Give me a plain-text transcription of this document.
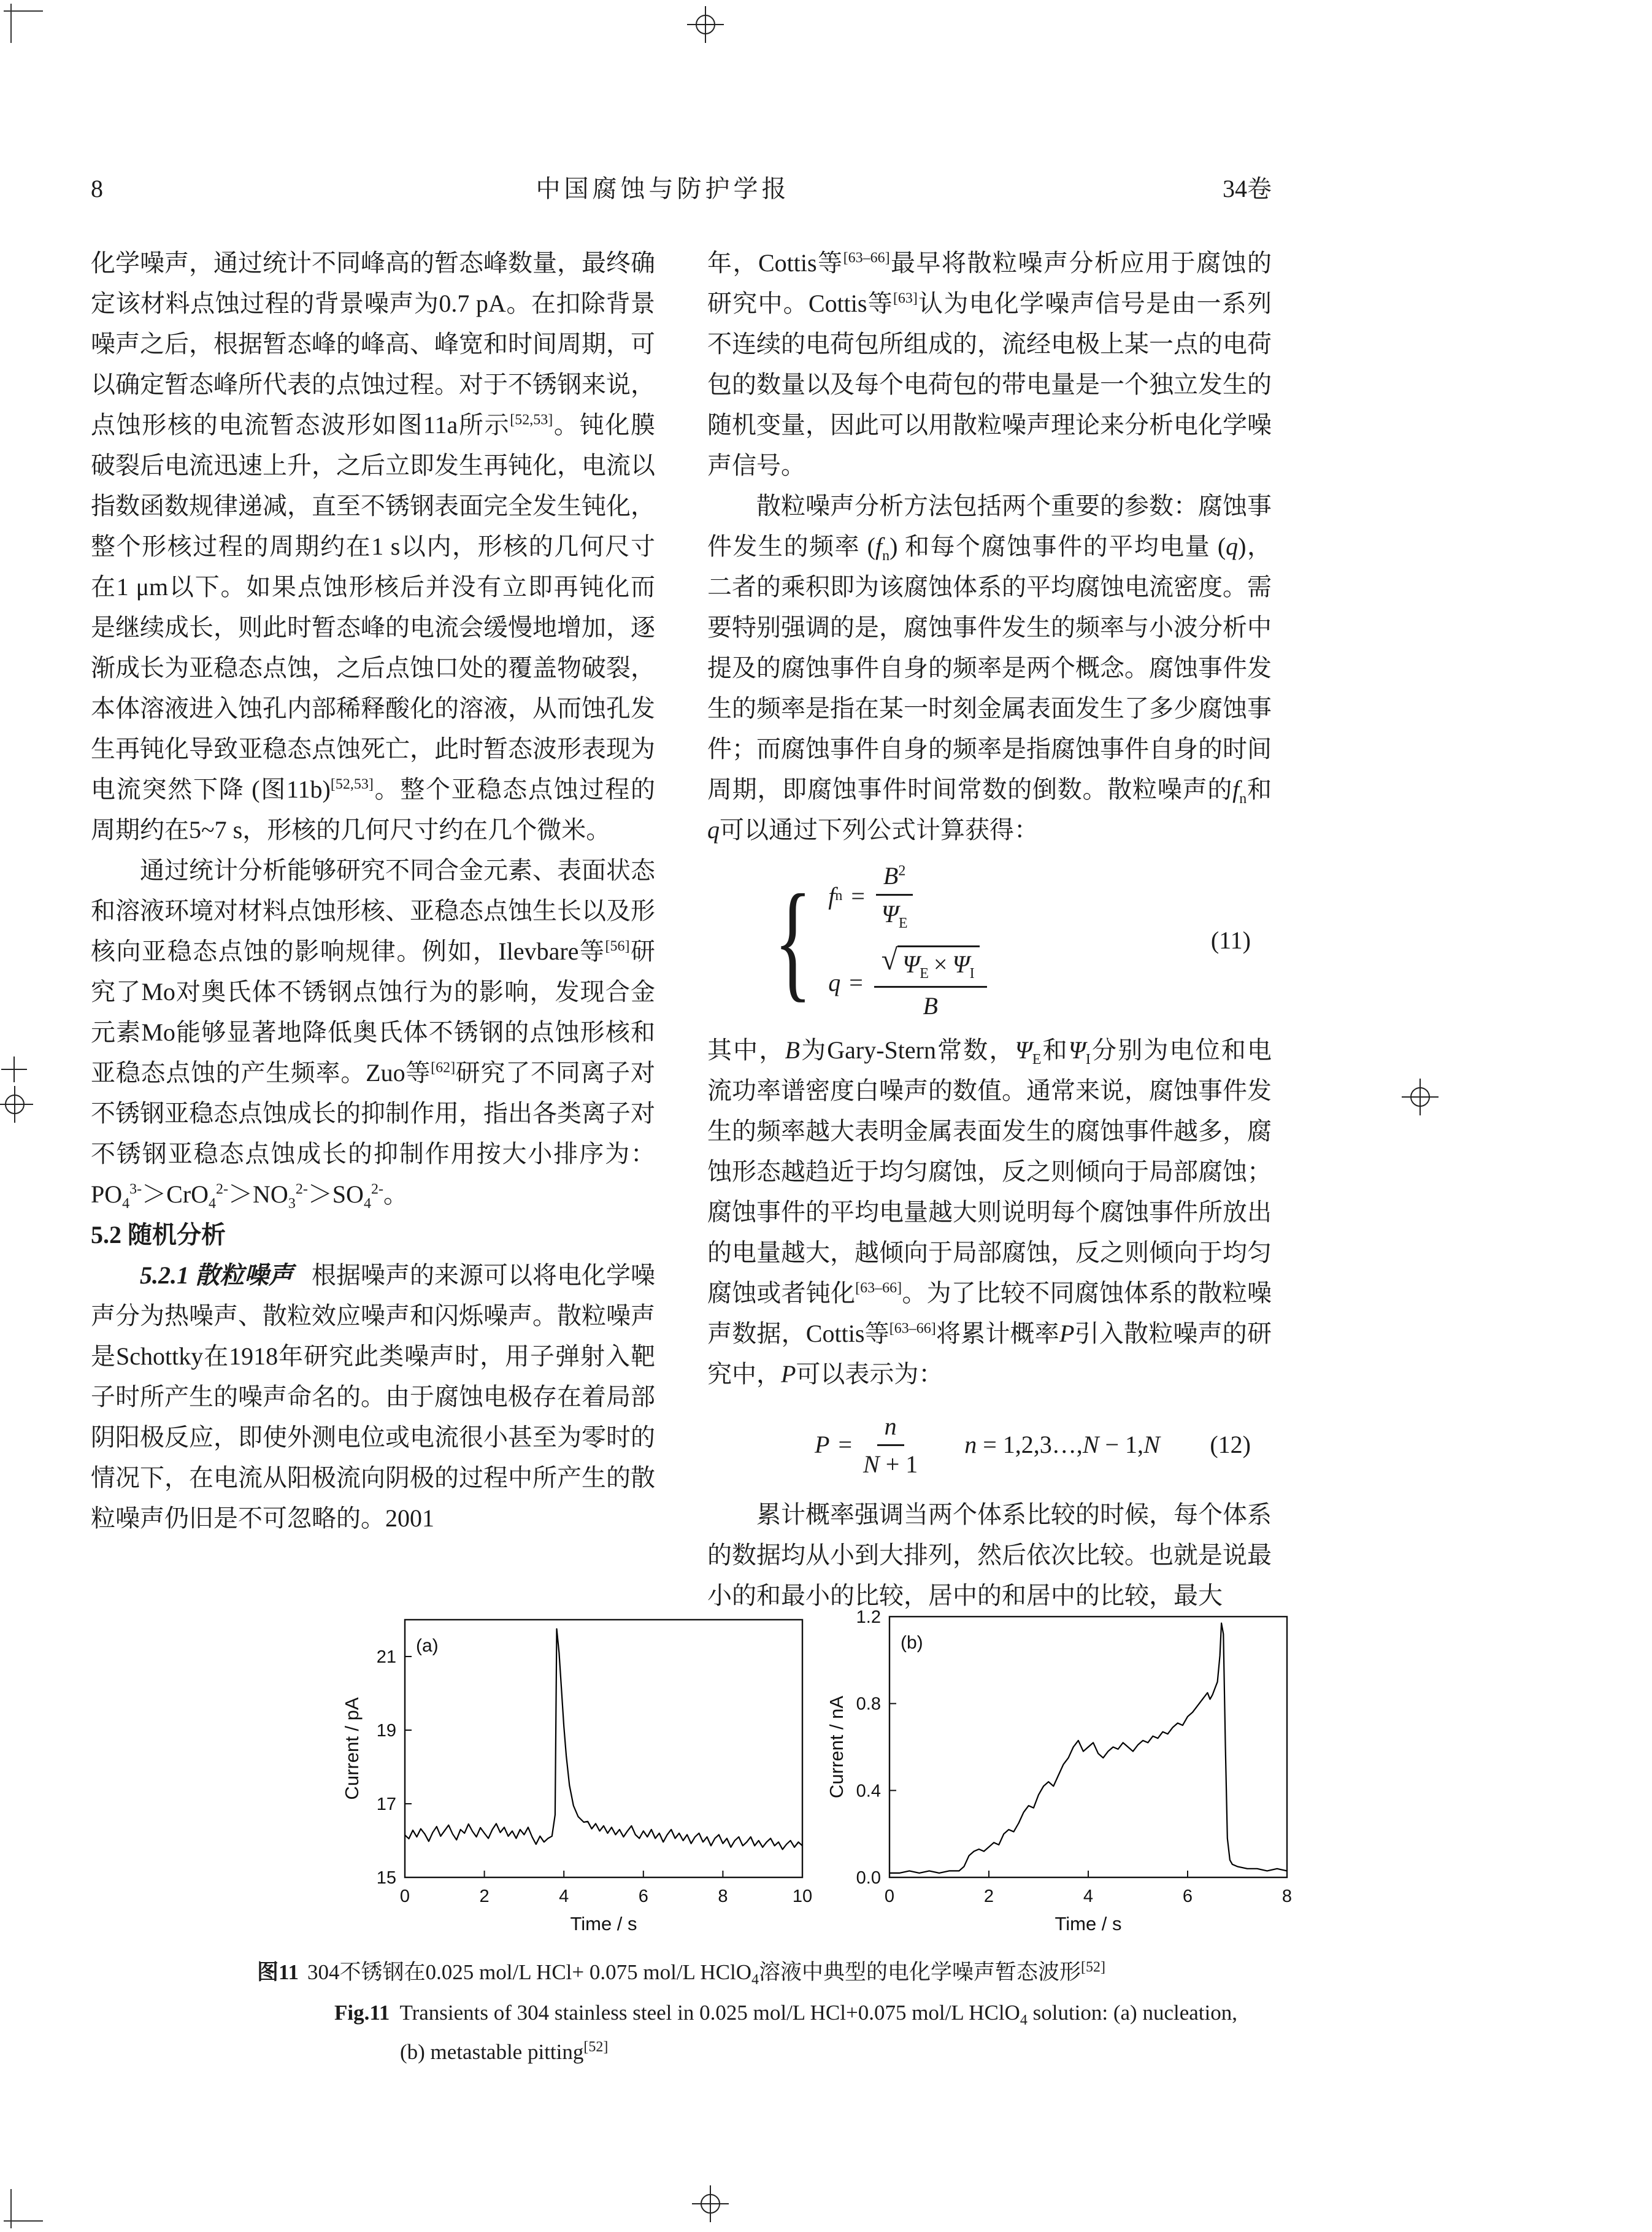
8	中国腐蚀与防护学报	34卷

化学噪声，通过统计不同峰高的暂态峰数量，最终确定该材料点蚀过程的背景噪声为0.7 pA。在扣除背景噪声之后，根据暂态峰的峰高、峰宽和时间周期，可以确定暂态峰所代表的点蚀过程。对于不锈钢来说，点蚀形核的电流暂态波形如图11a所示[52,53]。钝化膜破裂后电流迅速上升，之后立即发生再钝化，电流以指数函数规律递减，直至不锈钢表面完全发生钝化，整个形核过程的周期约在1 s以内，形核的几何尺寸在1 μm以下。如果点蚀形核后并没有立即再钝化而是继续成长，则此时暂态峰的电流会缓慢地增加，逐渐成长为亚稳态点蚀，之后点蚀口处的覆盖物破裂，本体溶液进入蚀孔内部稀释酸化的溶液，从而蚀孔发生再钝化导致亚稳态点蚀死亡，此时暂态波形表现为电流突然下降 (图11b)[52,53]。整个亚稳态点蚀过程的周期约在5~7 s，形核的几何尺寸约在几个微米。

通过统计分析能够研究不同合金元素、表面状态和溶液环境对材料点蚀形核、亚稳态点蚀生长以及形核向亚稳态点蚀的影响规律。例如，Ilevbare等[56]研究了Mo对奥氏体不锈钢点蚀行为的影响，发现合金元素Mo能够显著地降低奥氏体不锈钢的点蚀形核和亚稳态点蚀的产生频率。Zuo等[62]研究了不同离子对不锈钢亚稳态点蚀成长的抑制作用，指出各类离子对不锈钢亚稳态点蚀成长的抑制作用按大小排序为：$PO_4^{3-}>CrO_4^{2-}>NO_3^{2-}>SO_4^{2-}$。

5.2 随机分析

5.2.1 散粒噪声 根据噪声的来源可以将电化学噪声分为热噪声、散粒效应噪声和闪烁噪声。散粒噪声是Schottky在1918年研究此类噪声时，用子弹射入靶子时所产生的噪声命名的。由于腐蚀电极存在着局部阴阳极反应，即使外测电位或电流很小甚至为零时的情况下，在电流从阳极流向阴极的过程中所产生的散粒噪声仍旧是不可忽略的。2001

年，Cottis等[63–66]最早将散粒噪声分析应用于腐蚀的研究中。Cottis等[63]认为电化学噪声信号是由一系列不连续的电荷包所组成的，流经电极上某一点的电荷包的数量以及每个电荷包的带电量是一个独立发生的随机变量，因此可以用散粒噪声理论来分析电化学噪声信号。

散粒噪声分析方法包括两个重要的参数：腐蚀事件发生的频率 $(f_n)$ 和每个腐蚀事件的平均电量 (q)，二者的乘积即为该腐蚀体系的平均腐蚀电流密度。需要特别强调的是，腐蚀事件发生的频率与小波分析中提及的腐蚀事件自身的频率是两个概念。腐蚀事件发生的频率是指在某一时刻金属表面发生了多少腐蚀事件；而腐蚀事件自身的频率是指腐蚀事件自身的时间周期，即腐蚀事件时间常数的倒数。散粒噪声的$f_n$和q可以通过下列公式计算获得：

{ f $n = \frac{B^2}{\Psi_E}$
$q = \frac{√ \Psi_E \times \Psi_I}{B}$
(11)

其中，B为Gary-Stern常数，$\Psi_E$和$\Psi_I$分别为电位和电流功率谱密度白噪声的数值。通常来说，腐蚀事件发生的频率越大表明金属表面发生的腐蚀事件越多，腐蚀形态越趋近于均匀腐蚀，反之则倾向于局部腐蚀；腐蚀事件的平均电量越大则说明每个腐蚀事件所放出的电量越大，越倾向于局部腐蚀，反之则倾向于均匀腐蚀或者钝化[63–66]。为了比较不同腐蚀体系的散粒噪声数据，Cottis等[63–66]将累计概率P引入散粒噪声的研究中，P可以表示为：

$P = \frac{n}{N + 1}$ n = 1,2,3…,N − 1,N (12)

累计概率强调当两个体系比较的时候，每个体系的数据均从小到大排列，然后依次比较。也就是说最小的和最小的比较，居中的和居中的比较，最大

0	2	4	6	8	10
15
17
19
21
(a)
Time / s
Current / pA
0	2	4	6	8
0.0
0.4
0.8
1.2
(b)
Time / s
Current / nA
图11 304不锈钢在0.025 mol/L HCl+ 0.075 mol/L HClO$_4$溶液中典型的电化学噪声暂态波形[52]
Fig.11 Transients of 304 stainless steel in 0.025 mol/L HCl+0.075 mol/L HClO$_4$ solution: (a) nucleation,
(b) metastable pitting[52]
